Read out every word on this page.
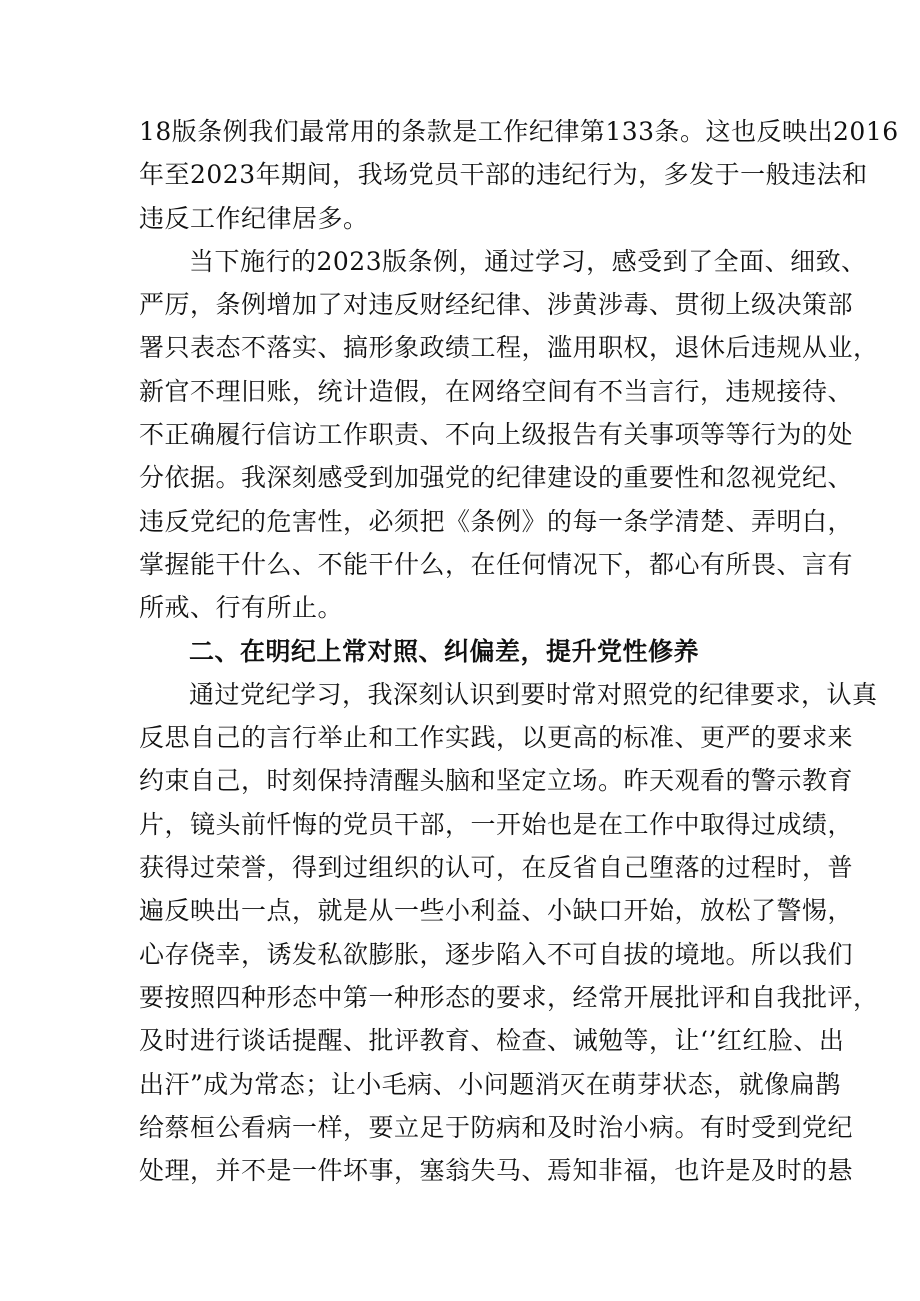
18版条例我们最常用的条款是工作纪律第133条。这也反映出2016
年至2023年期间，我场党员干部的违纪行为，多发于一般违法和
违反工作纪律居多。
当下施行的2023版条例，通过学习，感受到了全面、细致、
严厉，条例增加了对违反财经纪律、涉黄涉毒、贯彻上级决策部
署只表态不落实、搞形象政绩工程，滥用职权，退休后违规从业，
新官不理旧账，统计造假，在网络空间有不当言行，违规接待、
不正确履行信访工作职责、不向上级报告有关事项等等行为的处
分依据。我深刻感受到加强党的纪律建设的重要性和忽视党纪、
违反党纪的危害性，必须把《条例》的每一条学清楚、弄明白，
掌握能干什么、不能干什么，在任何情况下，都心有所畏、言有
所戒、行有所止。
二、在明纪上常对照、纠偏差，提升党性修养
通过党纪学习，我深刻认识到要时常对照党的纪律要求，认真
反思自己的言行举止和工作实践，以更高的标准、更严的要求来
约束自己，时刻保持清醒头脑和坚定立场。昨天观看的警示教育
片，镜头前忏悔的党员干部，一开始也是在工作中取得过成绩，
获得过荣誉，得到过组织的认可，在反省自己堕落的过程时，普
遍反映出一点，就是从一些小利益、小缺口开始，放松了警惕，
心存侥幸，诱发私欲膨胀，逐步陷入不可自拔的境地。所以我们
要按照四种形态中第一种形态的要求，经常开展批评和自我批评，
及时进行谈话提醒、批评教育、检查、诫勉等，让‘’红红脸、出
出汗”成为常态；让小毛病、小问题消灭在萌芽状态，就像扁鹊
给蔡桓公看病一样，要立足于防病和及时治小病。有时受到党纪
处理，并不是一件坏事，塞翁失马、焉知非福，也许是及时的悬
